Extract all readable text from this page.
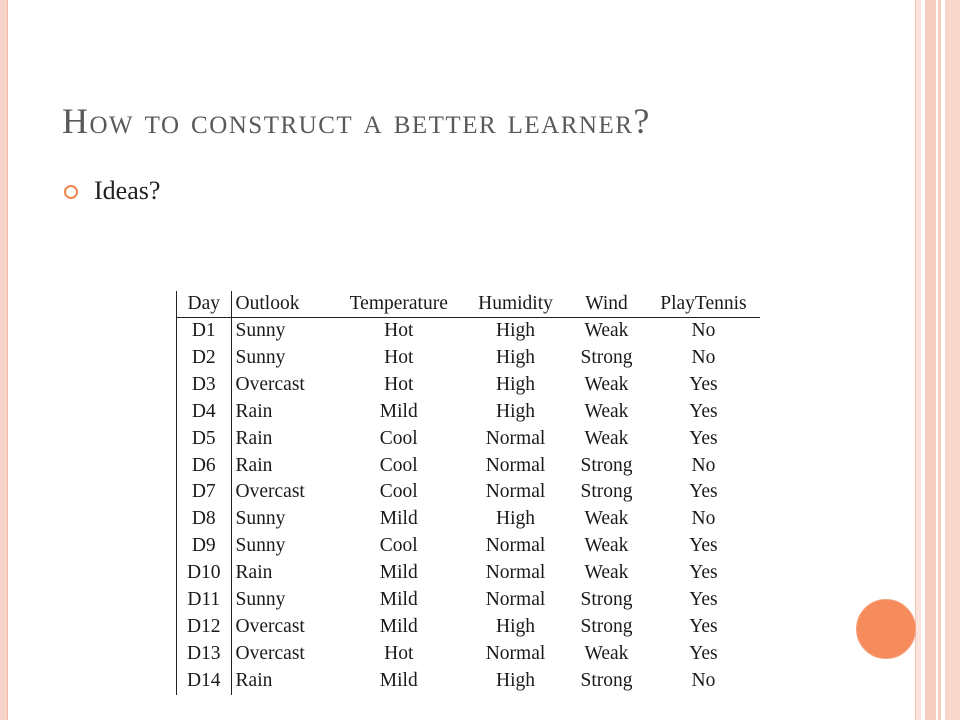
How to construct a better learner?
Ideas?
Day	Outlook	Temperature	Humidity	Wind	PlayTennis
D1	Sunny	Hot	High	Weak	No
D2	Sunny	Hot	High	Strong	No
D3	Overcast	Hot	High	Weak	Yes
D4	Rain	Mild	High	Weak	Yes
D5	Rain	Cool	Normal	Weak	Yes
D6	Rain	Cool	Normal	Strong	No
D7	Overcast	Cool	Normal	Strong	Yes
D8	Sunny	Mild	High	Weak	No
D9	Sunny	Cool	Normal	Weak	Yes
D10	Rain	Mild	Normal	Weak	Yes
D11	Sunny	Mild	Normal	Strong	Yes
D12	Overcast	Mild	High	Strong	Yes
D13	Overcast	Hot	Normal	Weak	Yes
D14	Rain	Mild	High	Strong	No
